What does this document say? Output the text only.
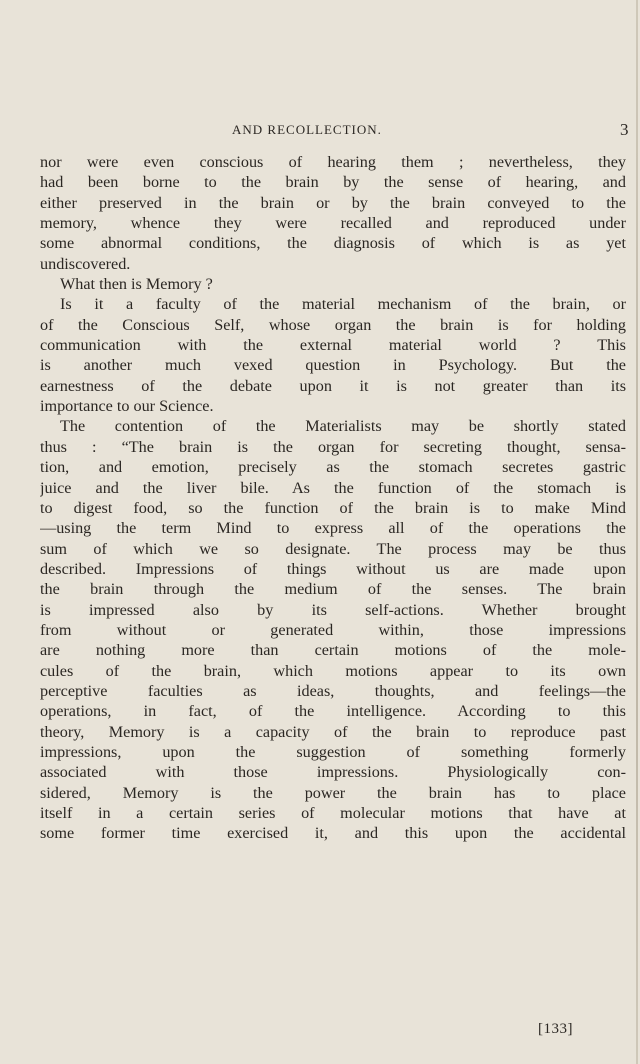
AND RECOLLECTION.	3
nor were even conscious of hearing them ; nevertheless, they
had been borne to the brain by the sense of hearing, and
either preserved in the brain or by the brain conveyed to the
memory, whence they were recalled and reproduced under
some abnormal conditions, the diagnosis of which is as yet
undiscovered.
What then is Memory ?
Is it a faculty of the material mechanism of the brain, or
of the Conscious Self, whose organ the brain is for holding
communication with the external material world ? This
is another much vexed question in Psychology. But the
earnestness of the debate upon it is not greater than its
importance to our Science.
The contention of the Materialists may be shortly stated
thus : “The brain is the organ for secreting thought, sensa-
tion, and emotion, precisely as the stomach secretes gastric
juice and the liver bile. As the function of the stomach is
to digest food, so the function of the brain is to make Mind
—using the term Mind to express all of the operations the
sum of which we so designate. The process may be thus
described. Impressions of things without us are made upon
the brain through the medium of the senses. The brain
is impressed also by its self-actions. Whether brought
from without or generated within, those impressions
are nothing more than certain motions of the mole-
cules of the brain, which motions appear to its own
perceptive faculties as ideas, thoughts, and feelings—the
operations, in fact, of the intelligence. According to this
theory, Memory is a capacity of the brain to reproduce past
impressions, upon the suggestion of something formerly
associated with those impressions. Physiologically con-
sidered, Memory is the power the brain has to place
itself in a certain series of molecular motions that have at
some former time exercised it, and this upon the accidental
[133]
